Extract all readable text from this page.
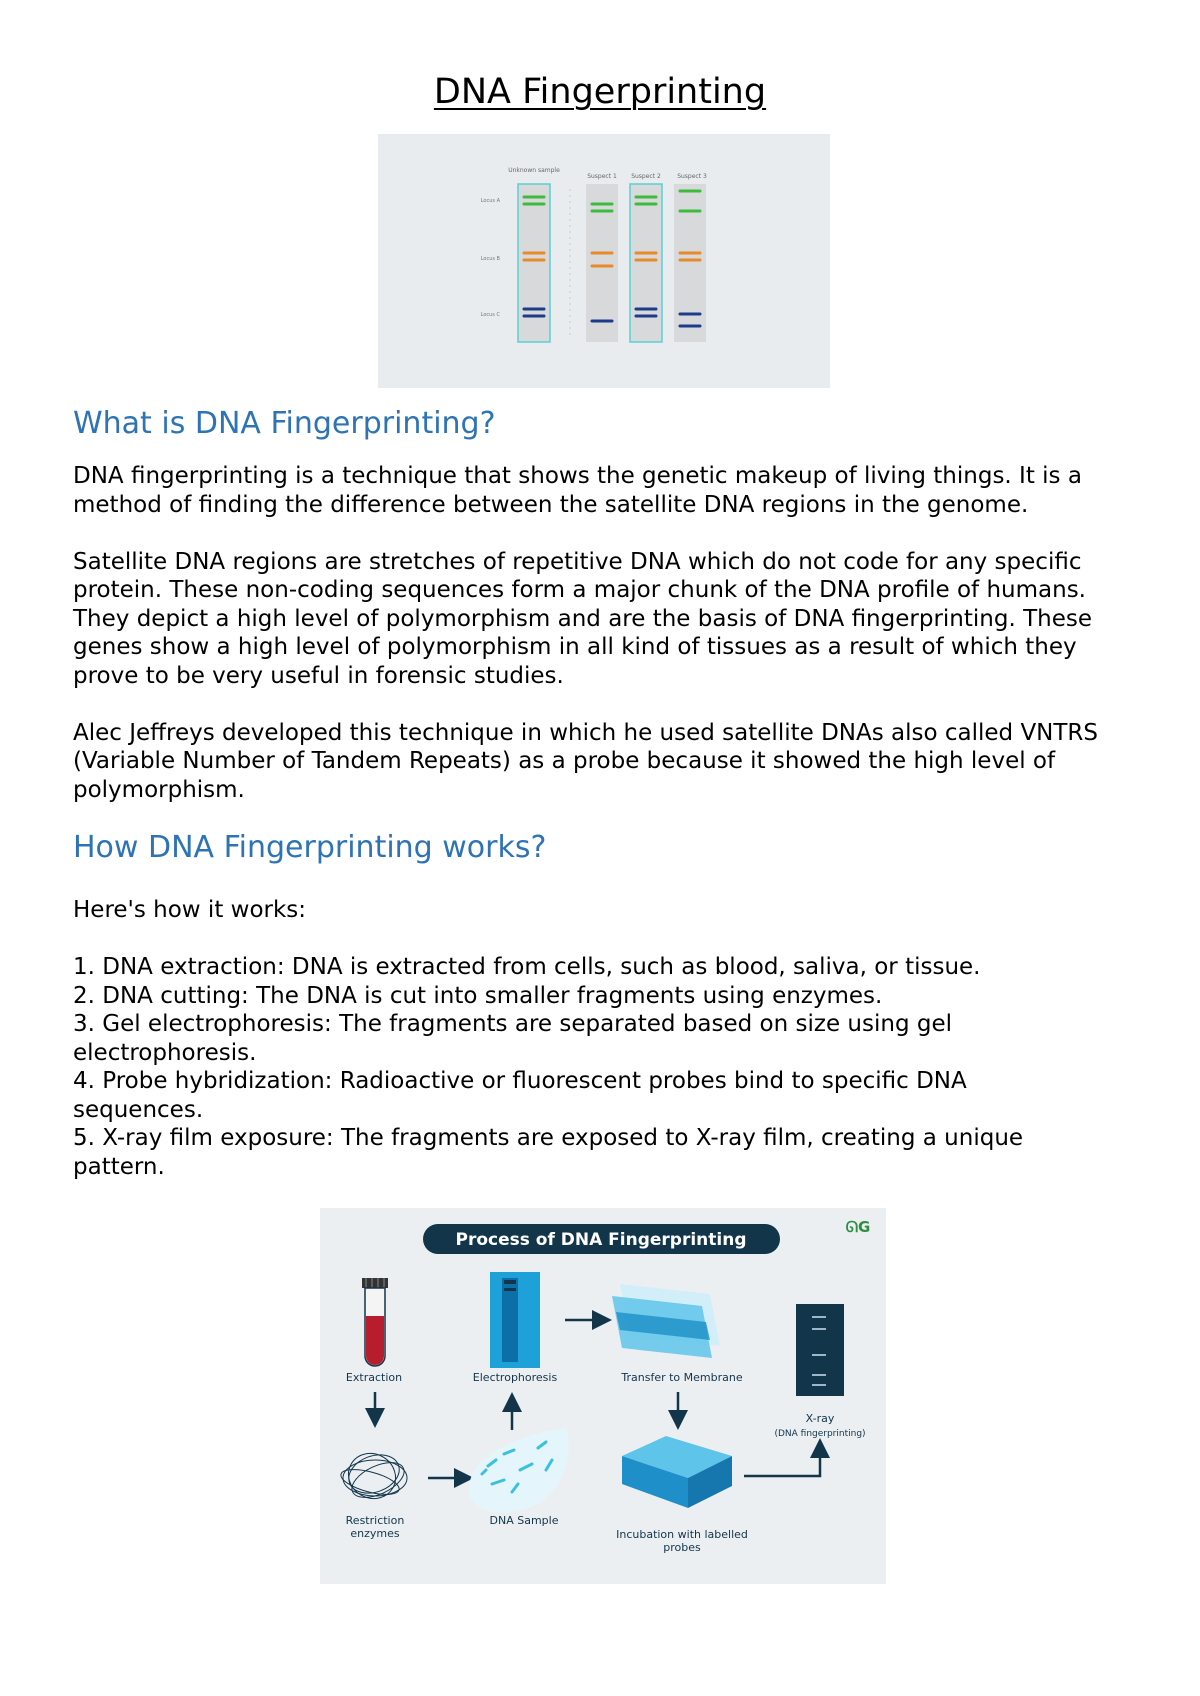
DNA Fingerprinting
Unknown sample
Suspect 1 Suspect 2	Suspect 3
Locus A
Locus B
Locus C
What is DNA Fingerprinting?

DNA fingerprinting is a technique that shows the genetic makeup of living things. It is a method of finding the difference between the satellite DNA regions in the genome.

Satellite DNA regions are stretches of repetitive DNA which do not code for any specific protein. These non-coding sequences form a major chunk of the DNA profile of humans. They depict a high level of polymorphism and are the basis of DNA fingerprinting. These genes show a high level of polymorphism in all kind of tissues as a result of which they prove to be very useful in forensic studies.

Alec Jeffreys developed this technique in which he used satellite DNAs also called VNTRS (Variable Number of Tandem Repeats) as a probe because it showed the high level of polymorphism.

How DNA Fingerprinting works?

Here's how it works:

1. DNA extraction: DNA is extracted from cells, such as blood, saliva, or tissue.

2. DNA cutting: The DNA is cut into smaller fragments using enzymes.

3. Gel electrophoresis: The fragments are separated based on size using gel electrophoresis.

4. Probe hybridization: Radioactive or fluorescent probes bind to specific DNA sequences.

5. X-ray film exposure: The fragments are exposed to X-ray film, creating a unique pattern.

Process of DNA Fingerprinting
ᘏG
Extraction	Electrophoresis	Transfer to Membrane
X-ray
(DNA fingerprinting)
Restriction
enzymes
DNA Sample
Incubation with labelled
probes
